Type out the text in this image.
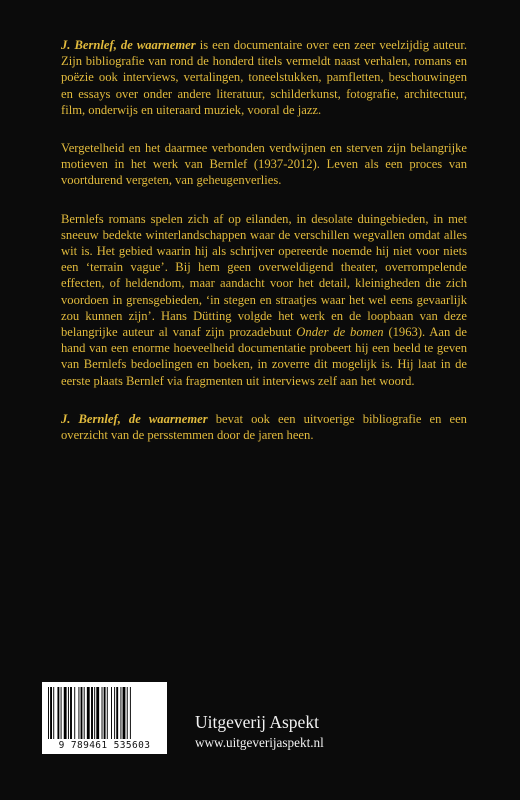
J. Bernlef, de waarnemer is een documentaire over een zeer veelzijdig auteur. Zijn bibliografie van rond de honderd titels vermeldt naast verhalen, romans en poëzie ook interviews, vertalingen, toneelstukken, pamfletten, beschouwingen en essays over onder andere literatuur, schilderkunst, fotografie, architectuur, film, onderwijs en uiteraard muziek, vooral de jazz.

Vergetelheid en het daarmee verbonden verdwijnen en sterven zijn belangrijke motieven in het werk van Bernlef (1937-2012). Leven als een proces van voortdurend vergeten, van geheugenverlies.

Bernlefs romans spelen zich af op eilanden, in desolate duingebieden, in met sneeuw bedekte winterlandschappen waar de verschillen wegvallen omdat alles wit is. Het gebied waarin hij als schrijver opereerde noemde hij niet voor niets een ‘terrain vague’. Bij hem geen overweldigend theater, overrompelende effecten, of heldendom, maar aandacht voor het detail, kleinigheden die zich voordoen in grensgebieden, ‘in stegen en straatjes waar het wel eens gevaarlijk zou kunnen zijn’. Hans Dütting volgde het werk en de loopbaan van deze belangrijke auteur al vanaf zijn prozadebuut Onder de bomen (1963). Aan de hand van een enorme hoeveelheid documentatie probeert hij een beeld te geven van Bernlefs bedoelingen en boeken, in zoverre dit mogelijk is. Hij laat in de eerste plaats Bernlef via fragmenten uit interviews zelf aan het woord.

J. Bernlef, de waarnemer bevat ook een uitvoerige bibliografie en een overzicht van de persstemmen door de jaren heen.

9 789461 535603
Uitgeverij Aspekt
www.uitgeverijaspekt.nl
